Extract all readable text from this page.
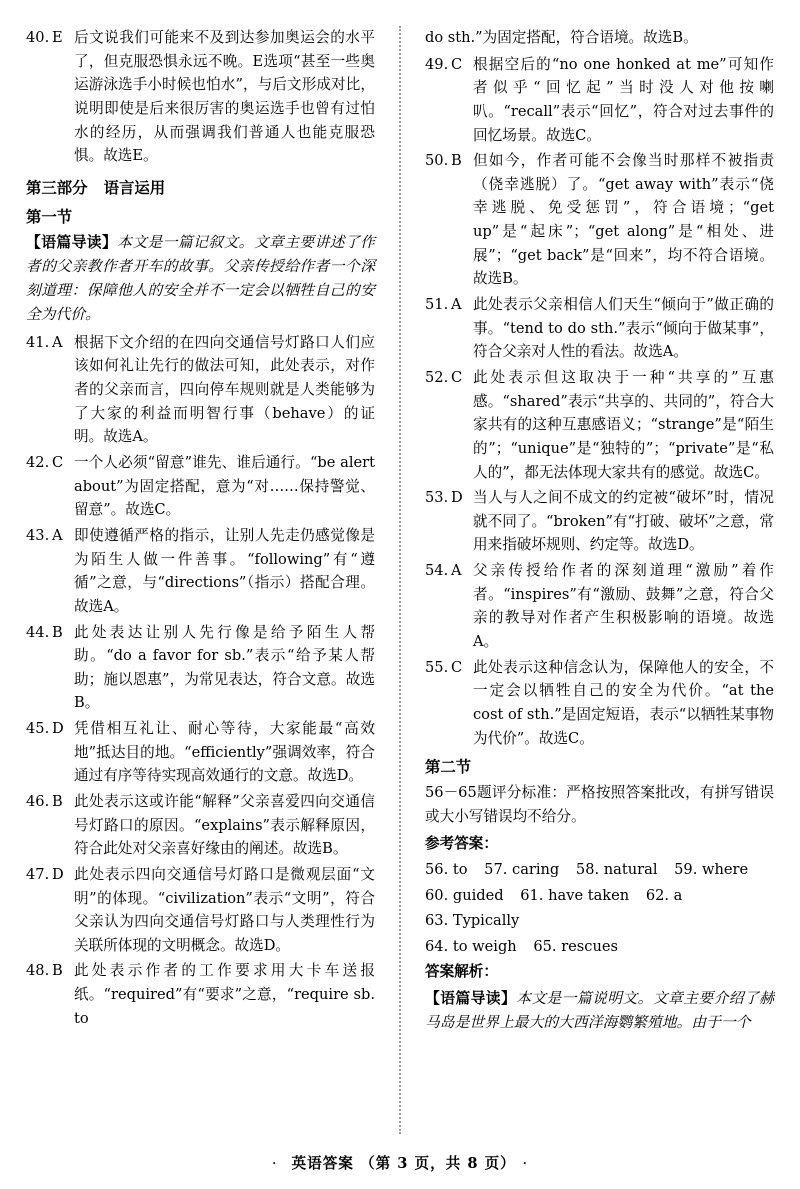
40. E 后文说我们可能来不及到达参加奥运会的水平了，但克服恐惧永远不晚。E选项“甚至一些奥运游泳选手小时候也怕水”，与后文形成对比，说明即使是后来很厉害的奥运选手也曾有过怕水的经历，从而强调我们普通人也能克服恐惧。故选E。
第三部分 语言运用
第一节
【语篇导读】本文是一篇记叙文。文章主要讲述了作者的父亲教作者开车的故事。父亲传授给作者一个深刻道理：保障他人的安全并不一定会以牺牲自己的安全为代价。
41. A 根据下文介绍的在四向交通信号灯路口人们应该如何礼让先行的做法可知，此处表示，对作者的父亲而言，四向停车规则就是人类能够为了大家的利益而明智行事（behave）的证明。故选A。
42. C 一个人必须“留意”谁先、谁后通行。“be alert about”为固定搭配，意为“对……保持警觉、留意”。故选C。
43. A 即使遵循严格的指示，让别人先走仍感觉像是为陌生人做一件善事。“following”有“遵循”之意，与“directions”（指示）搭配合理。故选A。
44. B 此处表达让别人先行像是给予陌生人帮助。“do a favor for sb.”表示“给予某人帮助；施以恩惠”，为常见表达，符合文意。故选B。
45. D 凭借相互礼让、耐心等待，大家能最“高效地”抵达目的地。“efficiently”强调效率，符合通过有序等待实现高效通行的文意。故选D。
46. B 此处表示这或许能“解释”父亲喜爱四向交通信号灯路口的原因。“explains”表示解释原因，符合此处对父亲喜好缘由的阐述。故选B。
47. D 此处表示四向交通信号灯路口是微观层面“文明”的体现。“civilization”表示“文明”，符合父亲认为四向交通信号灯路口与人类理性行为关联所体现的文明概念。故选D。
48. B 此处表示作者的工作要求用大卡车送报纸。“required”有“要求”之意，“require sb. to
do sth.”为固定搭配，符合语境。故选B。
49. C 根据空后的“no one honked at me”可知作者似乎“回忆起”当时没人对他按喇叭。“recall”表示“回忆”，符合对过去事件的回忆场景。故选C。
50. B 但如今，作者可能不会像当时那样不被指责（侥幸逃脱）了。“get away with”表示“侥幸逃脱、免受惩罚”，符合语境；“get up”是“起床”；“get along”是“相处、进展”；“get back”是“回来”，均不符合语境。故选B。
51. A 此处表示父亲相信人们天生“倾向于”做正确的事。“tend to do sth.”表示“倾向于做某事”，符合父亲对人性的看法。故选A。
52. C 此处表示但这取决于一种“共享的”互惠感。“shared”表示“共享的、共同的”，符合大家共有的这种互惠感语义；“strange”是“陌生的”；“unique”是“独特的”；“private”是“私人的”，都无法体现大家共有的感觉。故选C。
53. D 当人与人之间不成文的约定被“破坏”时，情况就不同了。“broken”有“打破、破坏”之意，常用来指破坏规则、约定等。故选D。
54. A 父亲传授给作者的深刻道理“激励”着作者。“inspires”有“激励、鼓舞”之意，符合父亲的教导对作者产生积极影响的语境。故选A。
55. C 此处表示这种信念认为，保障他人的安全，不一定会以牺牲自己的安全为代价。“at the cost of sth.”是固定短语，表示“以牺牲某事物为代价”。故选C。
第二节
56－65题评分标准：严格按照答案批改，有拼写错误或大小写错误均不给分。
参考答案：
56. to 57. caring 58. natural 59. where
60. guided 61. have taken 62. a 63. Typically
64. to weigh 65. rescues
答案解析：
【语篇导读】本文是一篇说明文。文章主要介绍了赫马岛是世界上最大的大西洋海鹦繁殖地。由于一个
· 英语答案 （第 3 页，共 8 页） ·
